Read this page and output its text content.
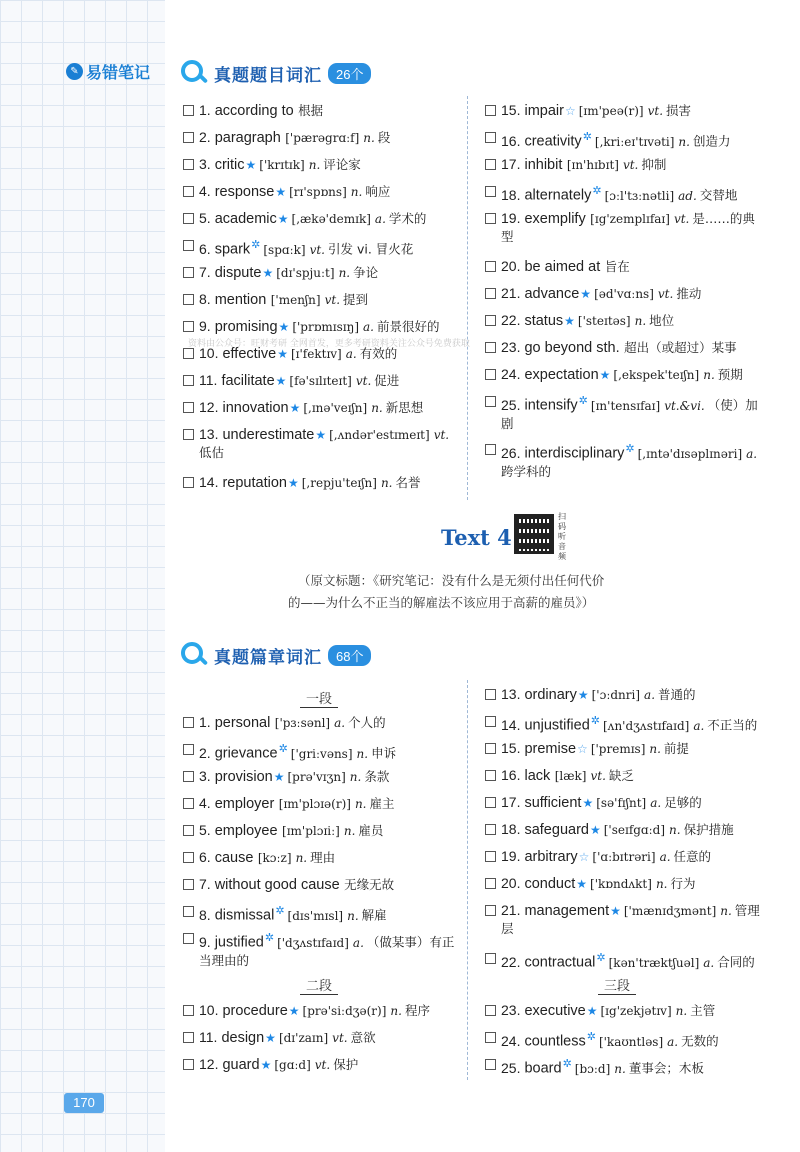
✎ 易错笔记	真题题目词汇	26个
1. according to 根据
2. paragraph ['pærəgrɑːf] n. 段
3. critic★ ['krɪtɪk] n. 评论家
4. response★ [rɪ'spɒns] n. 响应
5. academic★ [,ækə'demɪk] a. 学术的
6. spark✲ [spɑːk] vt. 引发 vi. 冒火花
7. dispute★ [dɪ'spjuːt] n. 争论
8. mention ['menʃn] vt. 提到
9. promising★ ['prɒmɪsɪŋ] a. 前景很好的
10. effective★ [ɪ'fektɪv] a. 有效的
11. facilitate★ [fə'sɪlɪteɪt] vt. 促进
12. innovation★ [,ɪnə'veɪʃn] n. 新思想
13. underestimate★ [,ʌndər'estɪmeɪt] vt.低估
14. reputation★ [,repju'teɪʃn] n. 名誉
15. impair☆ [ɪm'peə(r)] vt. 损害
16. creativity✲ [,kriːeɪ'tɪvəti] n. 创造力
17. inhibit [ɪn'hɪbɪt] vt. 抑制
18. alternately✲ [ɔːl'tɜːnətli] ad. 交替地
19. exemplify [ɪg'zemplɪfaɪ] vt. 是……的典型
20. be aimed at 旨在
21. advance★ [əd'vɑːns] vt. 推动
22. status★ ['steɪtəs] n. 地位
23. go beyond sth. 超出（或超过）某事
24. expectation★ [,ekspek'teɪʃn] n. 预期
25. intensify✲ [ɪn'tensɪfaɪ] vt.&vi. （使）加剧
26. interdisciplinary✲ [,ɪntə'dɪsəplɪnəri] a.跨学科的
资料由公众号：旺财考研 全网首发，更多考研资料关注公众号免费获取
Text 4
扫码听音频
（原文标题：《研究笔记：没有什么是无须付出任何代价
的——为什么不正当的解雇法不该应用于高薪的雇员》）
真题篇章词汇	68个
一段
1. personal ['pɜːsənl] a. 个人的
2. grievance✲ ['griːvəns] n. 申诉
3. provision★ [prə'vɪʒn] n. 条款
4. employer [ɪm'plɔɪə(r)] n. 雇主
5. employee [ɪm'plɔɪiː] n. 雇员
6. cause [kɔːz] n. 理由
7. without good cause 无缘无故
8. dismissal✲ [dɪs'mɪsl] n. 解雇
9. justified✲ ['dʒʌstɪfaɪd] a. （做某事）有正当理由的
二段
10. procedure★ [prə'siːdʒə(r)] n. 程序
11. design★ [dɪ'zaɪn] vt. 意欲
12. guard★ [gɑːd] vt. 保护
13. ordinary★ ['ɔːdnri] a. 普通的
14. unjustified✲ [ʌn'dʒʌstɪfaɪd] a. 不正当的
15. premise☆ ['premɪs] n. 前提
16. lack [læk] vt. 缺乏
17. sufficient★ [sə'fɪʃnt] a. 足够的
18. safeguard★ ['seɪfgɑːd] n. 保护措施
19. arbitrary☆ ['ɑːbɪtrəri] a. 任意的
20. conduct★ ['kɒndʌkt] n. 行为
21. management★ ['mænɪdʒmənt] n. 管理层
22. contractual✲ [kən'træktʃuəl] a. 合同的
三段
23. executive★ [ɪg'zekjətɪv] n. 主管
24. countless✲ ['kaʊntləs] a. 无数的
25. board✲ [bɔːd] n. 董事会；木板
170
